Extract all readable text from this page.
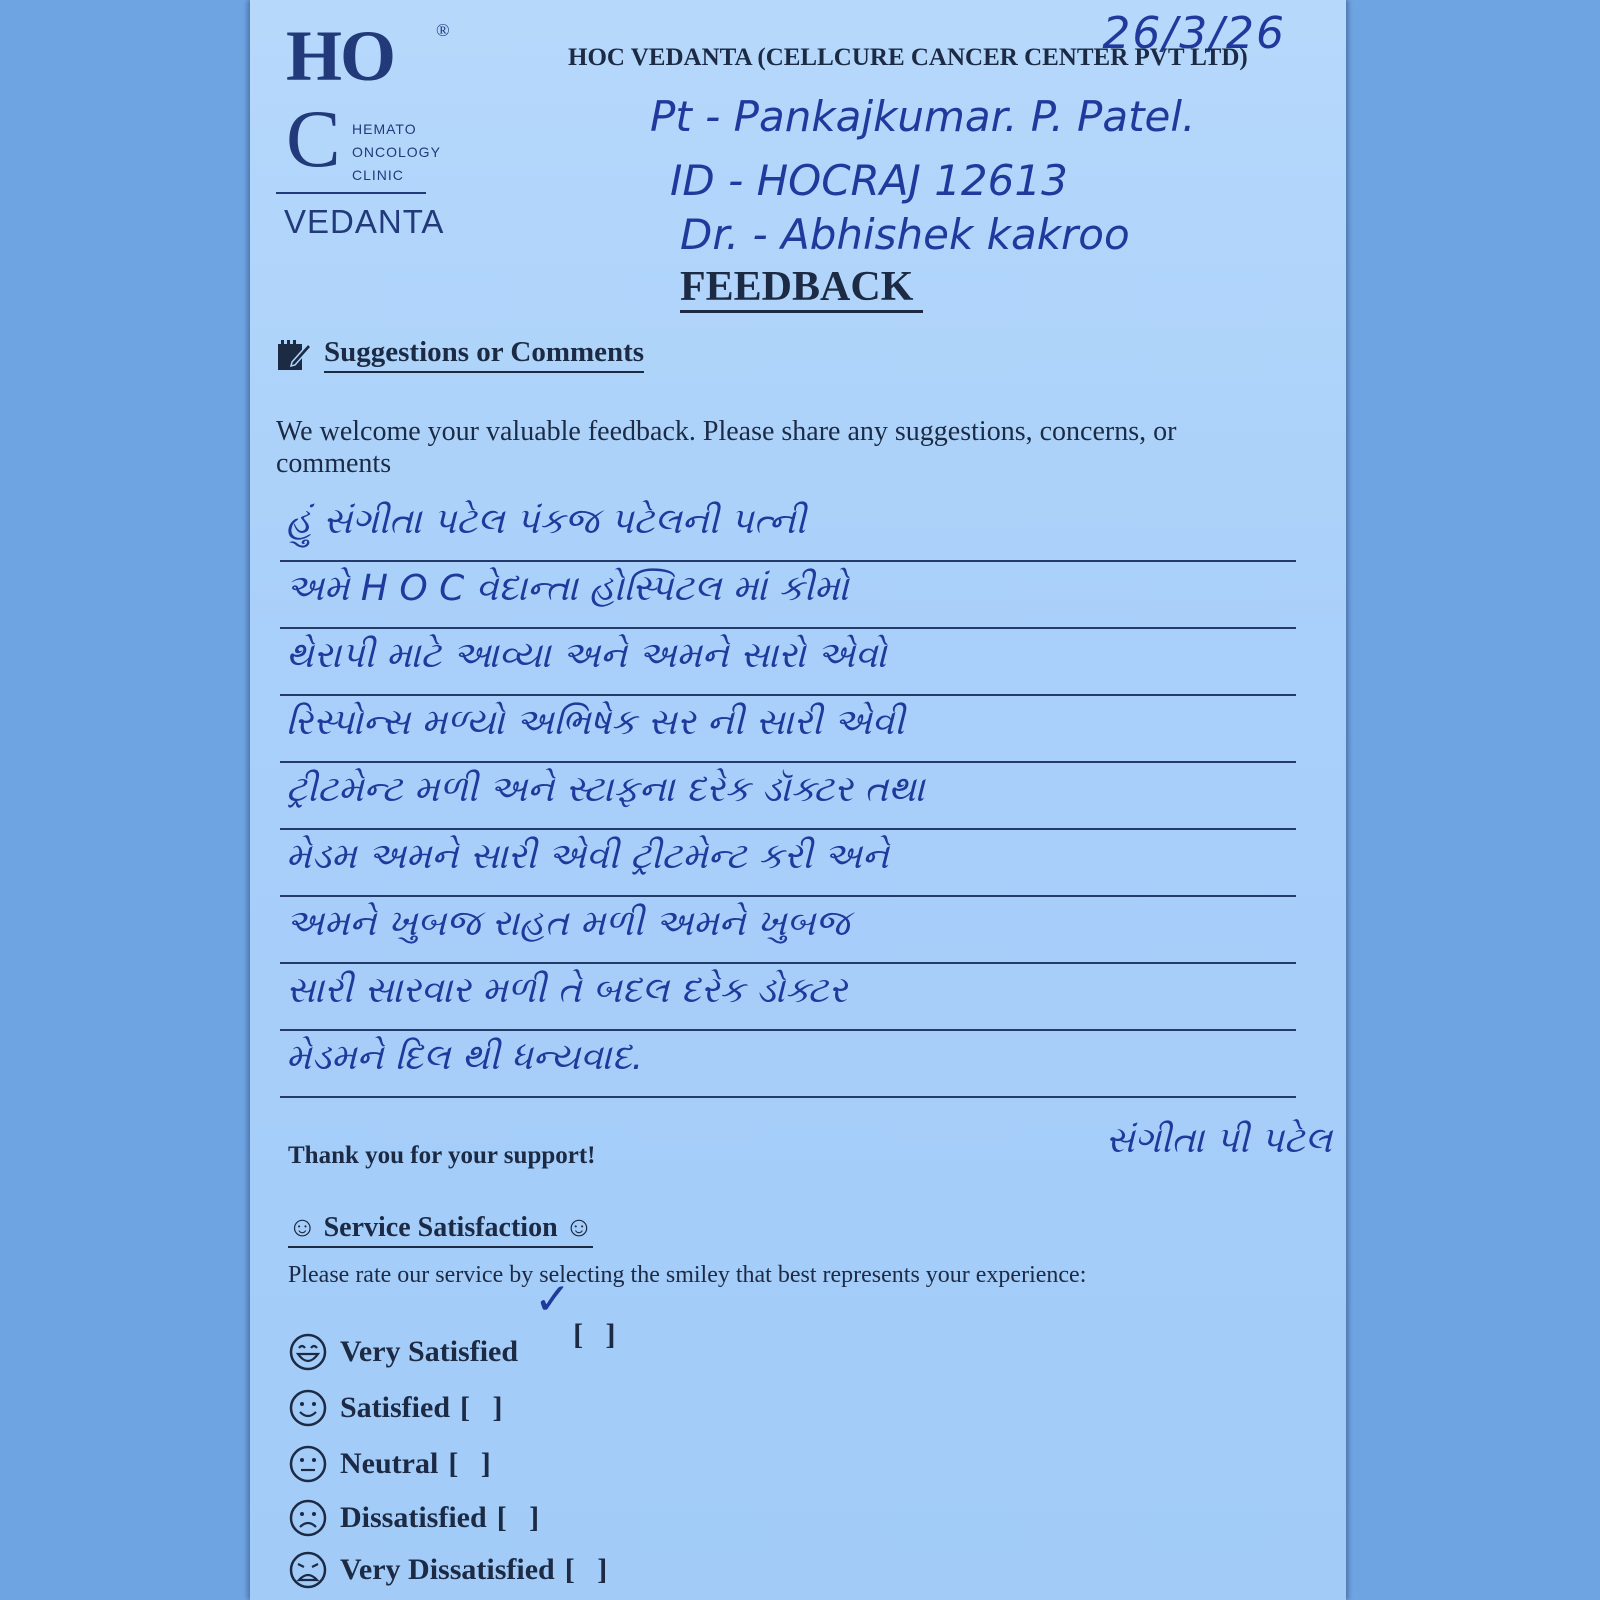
26/3/26
HO ®
C HEMATO
ONCOLOGY
CLINIC
VEDANTA
HOC VEDANTA (CELLCURE CANCER CENTER PVT LTD)
Pt - Pankajkumar. P. Patel.
ID - HOCRAJ 12613
Dr. - Abhishek kakroo
FEEDBACK
Suggestions or Comments
We welcome your valuable feedback. Please share any suggestions, concerns, or comments
હું સંગીતા પટેલ પંકજ પટેલની પત્ની
અમે H O C વેદાન્તા હોસ્પિટલ માં કીમો
થેરાપી માટે આવ્યા અને અમને સારો એવો
રિસ્પોન્સ મળ્યો અભિષેક સર ની સારી એવી
ટ્રીટમેન્ટ મળી અને સ્ટાફના દરેક ડૉક્ટર તથા
મેડમ અમને સારી એવી ટ્રીટમેન્ટ કરી અને
અમને ખુબજ રાહત મળી અમને ખુબજ
સારી સારવાર મળી તે બદલ દરેક ડોક્ટર
મેડમને દિલ થી ધન્યવાદ.
સંગીતા પી પટેલ
Thank you for your support!
☺ Service Satisfaction ☺
Please rate our service by selecting the smiley that best represents your experience:
Very Satisfied

[   ]

✓

Satisfied [   ]
Neutral [   ]
Dissatisfied [   ]
Very Dissatisfied [   ]
